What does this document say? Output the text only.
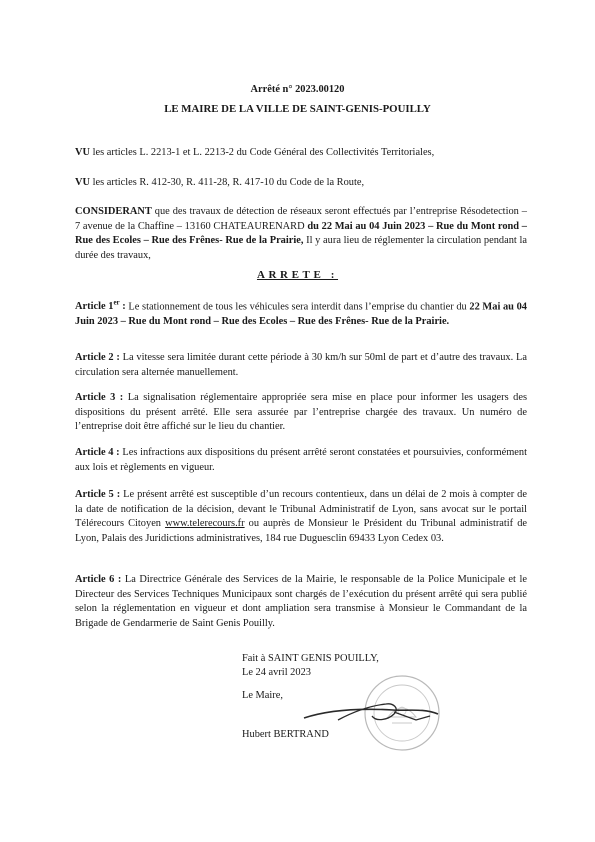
Arrêté n° 2023.00120
LE MAIRE DE LA VILLE DE SAINT-GENIS-POUILLY
VU les articles L. 2213-1 et L. 2213-2 du Code Général des Collectivités Territoriales,
VU les articles R. 412-30, R. 411-28, R. 417-10 du Code de la Route,
CONSIDERANT que des travaux de détection de réseaux seront effectués par l’entreprise Résodetection – 7 avenue de la Chaffine – 13160 CHATEAURENARD du 22 Mai au 04 Juin 2023 – Rue du Mont rond – Rue des Ecoles – Rue des Frênes- Rue de la Prairie, Il y aura lieu de réglementer la circulation pendant la durée des travaux,
ARRETE :
Article 1er : Le stationnement de tous les véhicules sera interdit dans l’emprise du chantier du 22 Mai au 04 Juin 2023 – Rue du Mont rond – Rue des Ecoles – Rue des Frênes- Rue de la Prairie.
Article 2 : La vitesse sera limitée durant cette période à 30 km/h sur 50ml de part et d’autre des travaux. La circulation sera alternée manuellement.
Article 3 : La signalisation réglementaire appropriée sera mise en place pour informer les usagers des dispositions du présent arrêté. Elle sera assurée par l’entreprise chargée des travaux. Un numéro de l’entreprise doit être affiché sur le lieu du chantier.
Article 4 : Les infractions aux dispositions du présent arrêté seront constatées et poursuivies, conformément aux lois et règlements en vigueur.
Article 5 : Le présent arrêté est susceptible d’un recours contentieux, dans un délai de 2 mois à compter de la date de notification de la décision, devant le Tribunal Administratif de Lyon, sans avocat sur le portail Télérecours Citoyen www.telerecours.fr ou auprès de Monsieur le Président du Tribunal administratif de Lyon, Palais des Juridictions administratives, 184 rue Duguesclin 69433 Lyon Cedex 03.
Article 6 : La Directrice Générale des Services de la Mairie, le responsable de la Police Municipale et le Directeur des Services Techniques Municipaux sont chargés de l’exécution du présent arrêté qui sera publié selon la réglementation en vigueur et dont ampliation sera transmise à Monsieur le Commandant de la Brigade de Gendarmerie de Saint Genis Pouilly.
Fait à SAINT GENIS POUILLY,
Le 24 avril 2023
Le Maire,
Hubert BERTRAND
